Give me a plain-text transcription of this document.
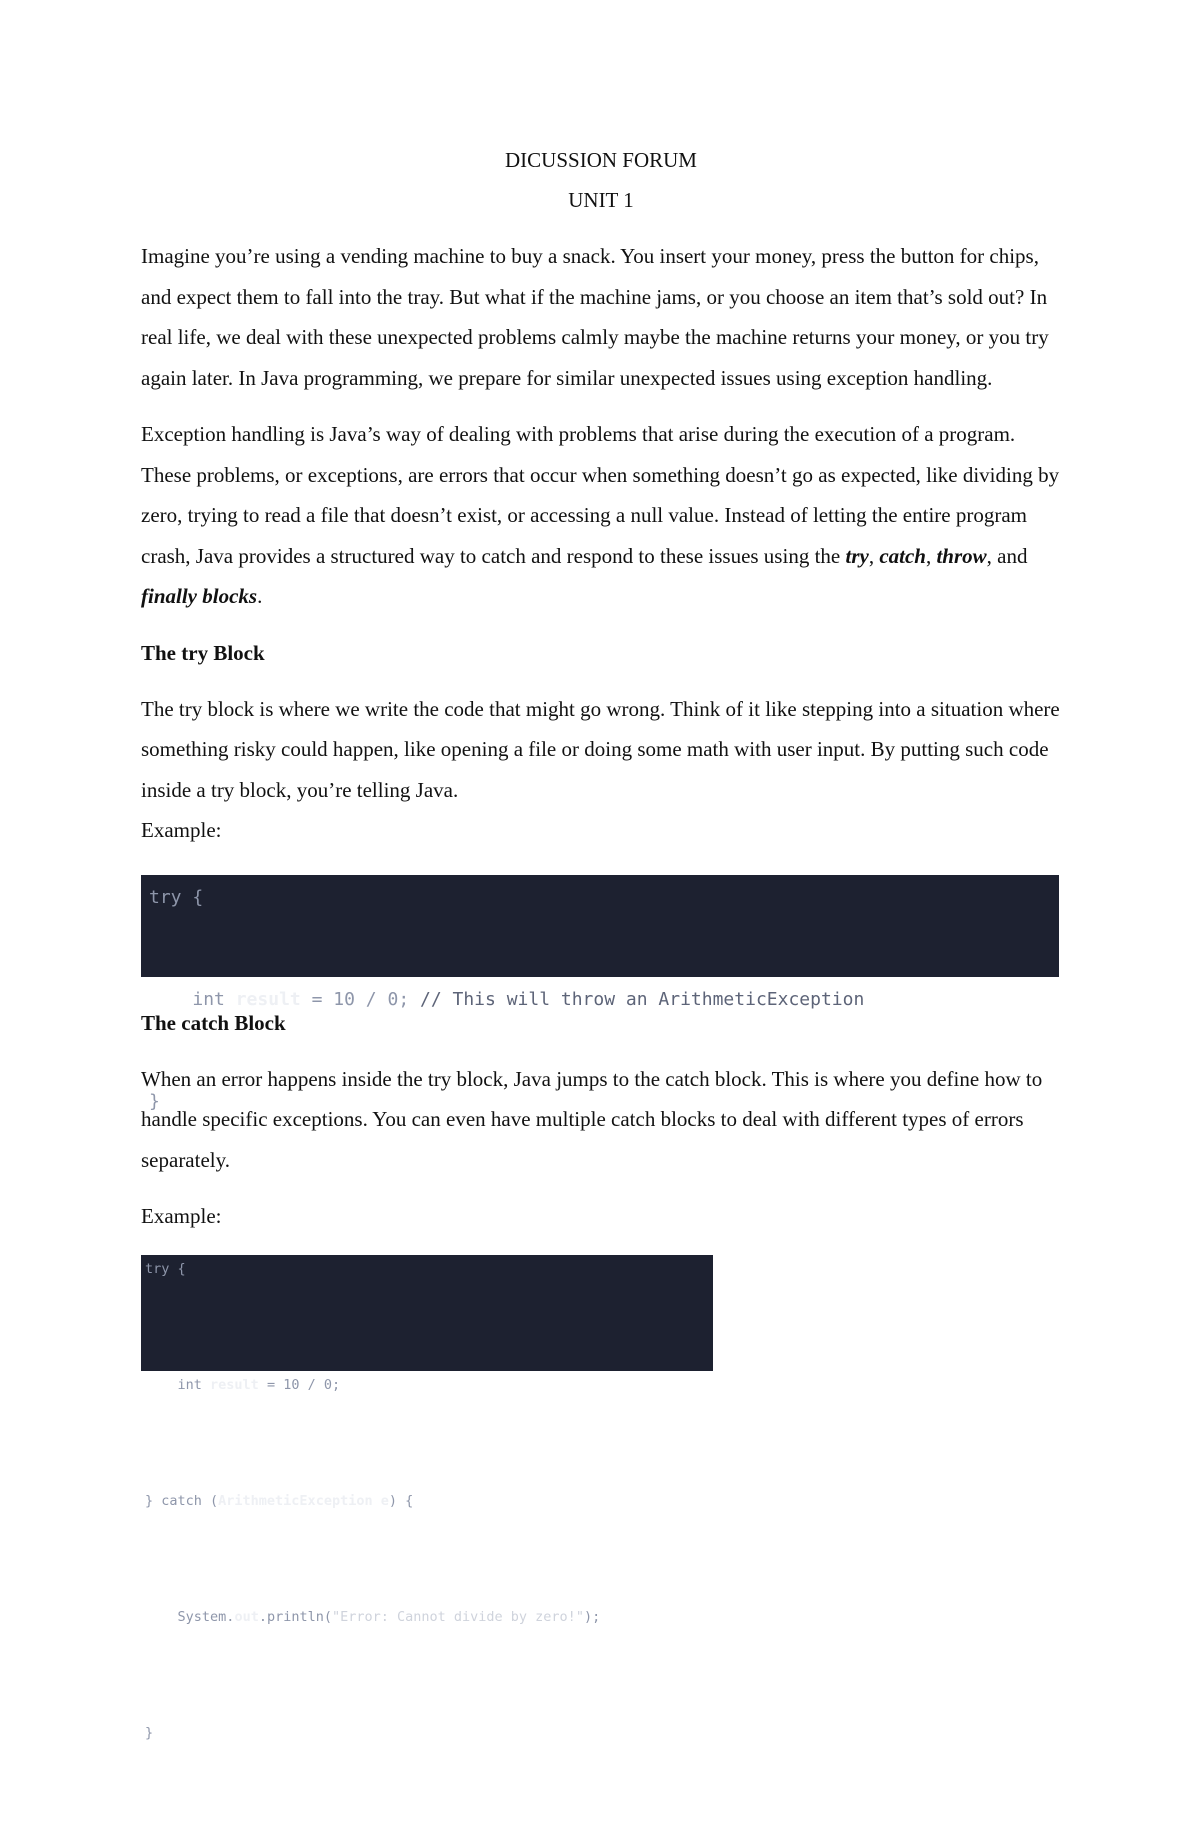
DICUSSION FORUM

UNIT 1

Imagine you’re using a vending machine to buy a snack. You insert your money, press the button for chips, and expect them to fall into the tray. But what if the machine jams, or you choose an item that’s sold out? In real life, we deal with these unexpected problems calmly maybe the machine returns your money, or you try again later. In Java programming, we prepare for similar unexpected issues using exception handling.

Exception handling is Java’s way of dealing with problems that arise during the execution of a program. These problems, or exceptions, are errors that occur when something doesn’t go as expected, like dividing by zero, trying to read a file that doesn’t exist, or accessing a null value. Instead of letting the entire program crash, Java provides a structured way to catch and respond to these issues using the try, catch, throw, and finally blocks.

The try Block

The try block is where we write the code that might go wrong. Think of it like stepping into a situation where something risky could happen, like opening a file or doing some math with user input. By putting such code inside a try block, you’re telling Java.

Example:

try {
int result = 10 / 0; // This will throw an ArithmeticException
}

The catch Block

When an error happens inside the try block, Java jumps to the catch block. This is where you define how to handle specific exceptions. You can even have multiple catch blocks to deal with different types of errors separately.

Example:

try {
int result = 10 / 0;
} catch (ArithmeticException e) {
System.out.println("Error: Cannot divide by zero!");
}
